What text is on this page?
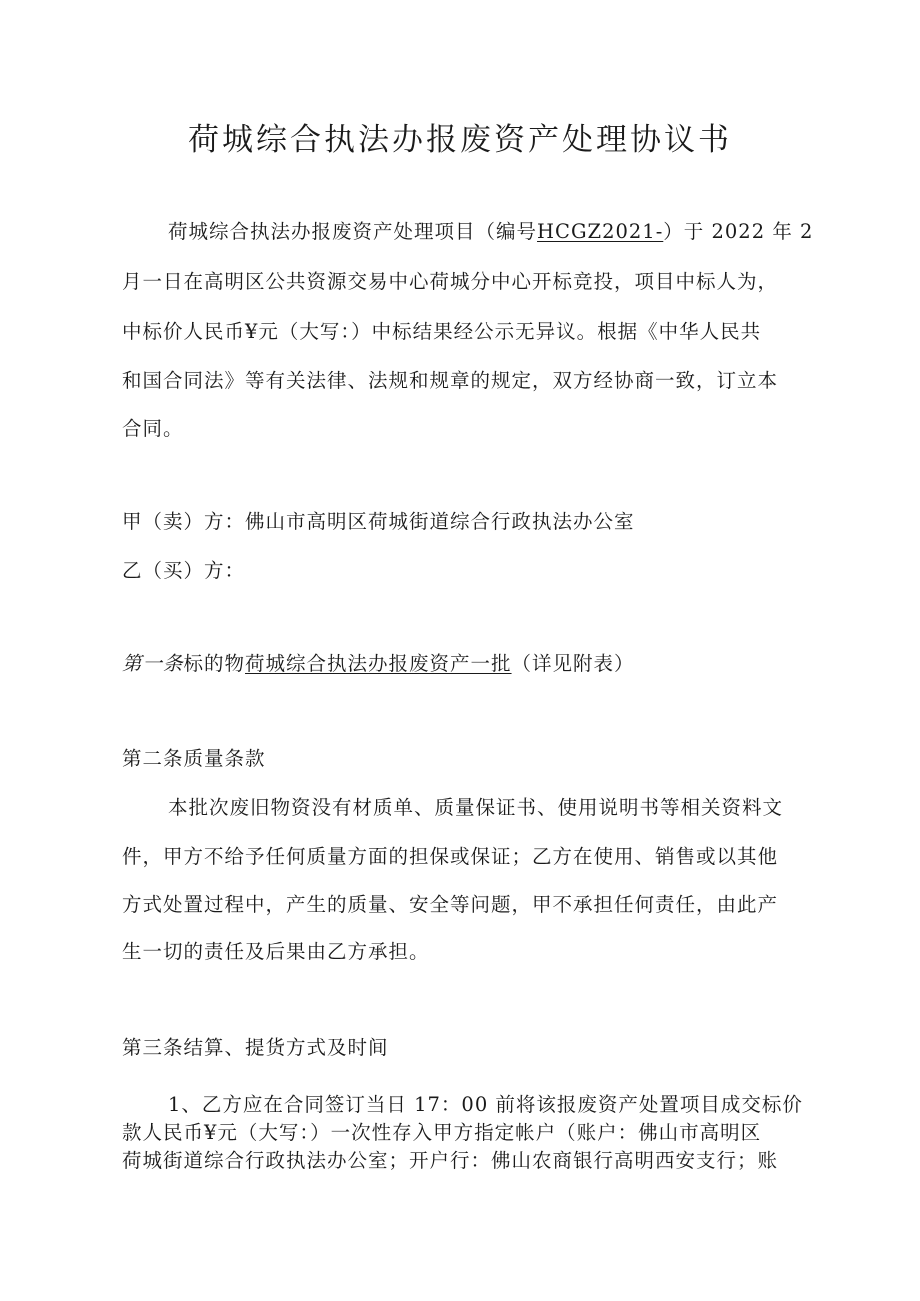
荷城综合执法办报废资产处理协议书
荷城综合执法办报废资产处理项目（编号HCGZ2021-）于 2022 年 2
月一日在高明区公共资源交易中心荷城分中心开标竞投，项目中标人为，
中标价人民币¥元（大写：）中标结果经公示无异议。根据《中华人民共
和国合同法》等有关法律、法规和规章的规定，双方经协商一致，订立本
合同。
甲（卖）方：佛山市高明区荷城街道综合行政执法办公室
乙（买）方：
第一条标的物荷城综合执法办报废资产一批（详见附表）
第二条质量条款
本批次废旧物资没有材质单、质量保证书、使用说明书等相关资料文
件，甲方不给予任何质量方面的担保或保证；乙方在使用、销售或以其他
方式处置过程中，产生的质量、安全等问题，甲不承担任何责任，由此产
生一切的责任及后果由乙方承担。
第三条结算、提货方式及时间
1、乙方应在合同签订当日 17：00 前将该报废资产处置项目成交标价
款人民币¥元（大写：）一次性存入甲方指定帐户（账户：佛山市高明区
荷城街道综合行政执法办公室；开户行：佛山农商银行高明西安支行；账
